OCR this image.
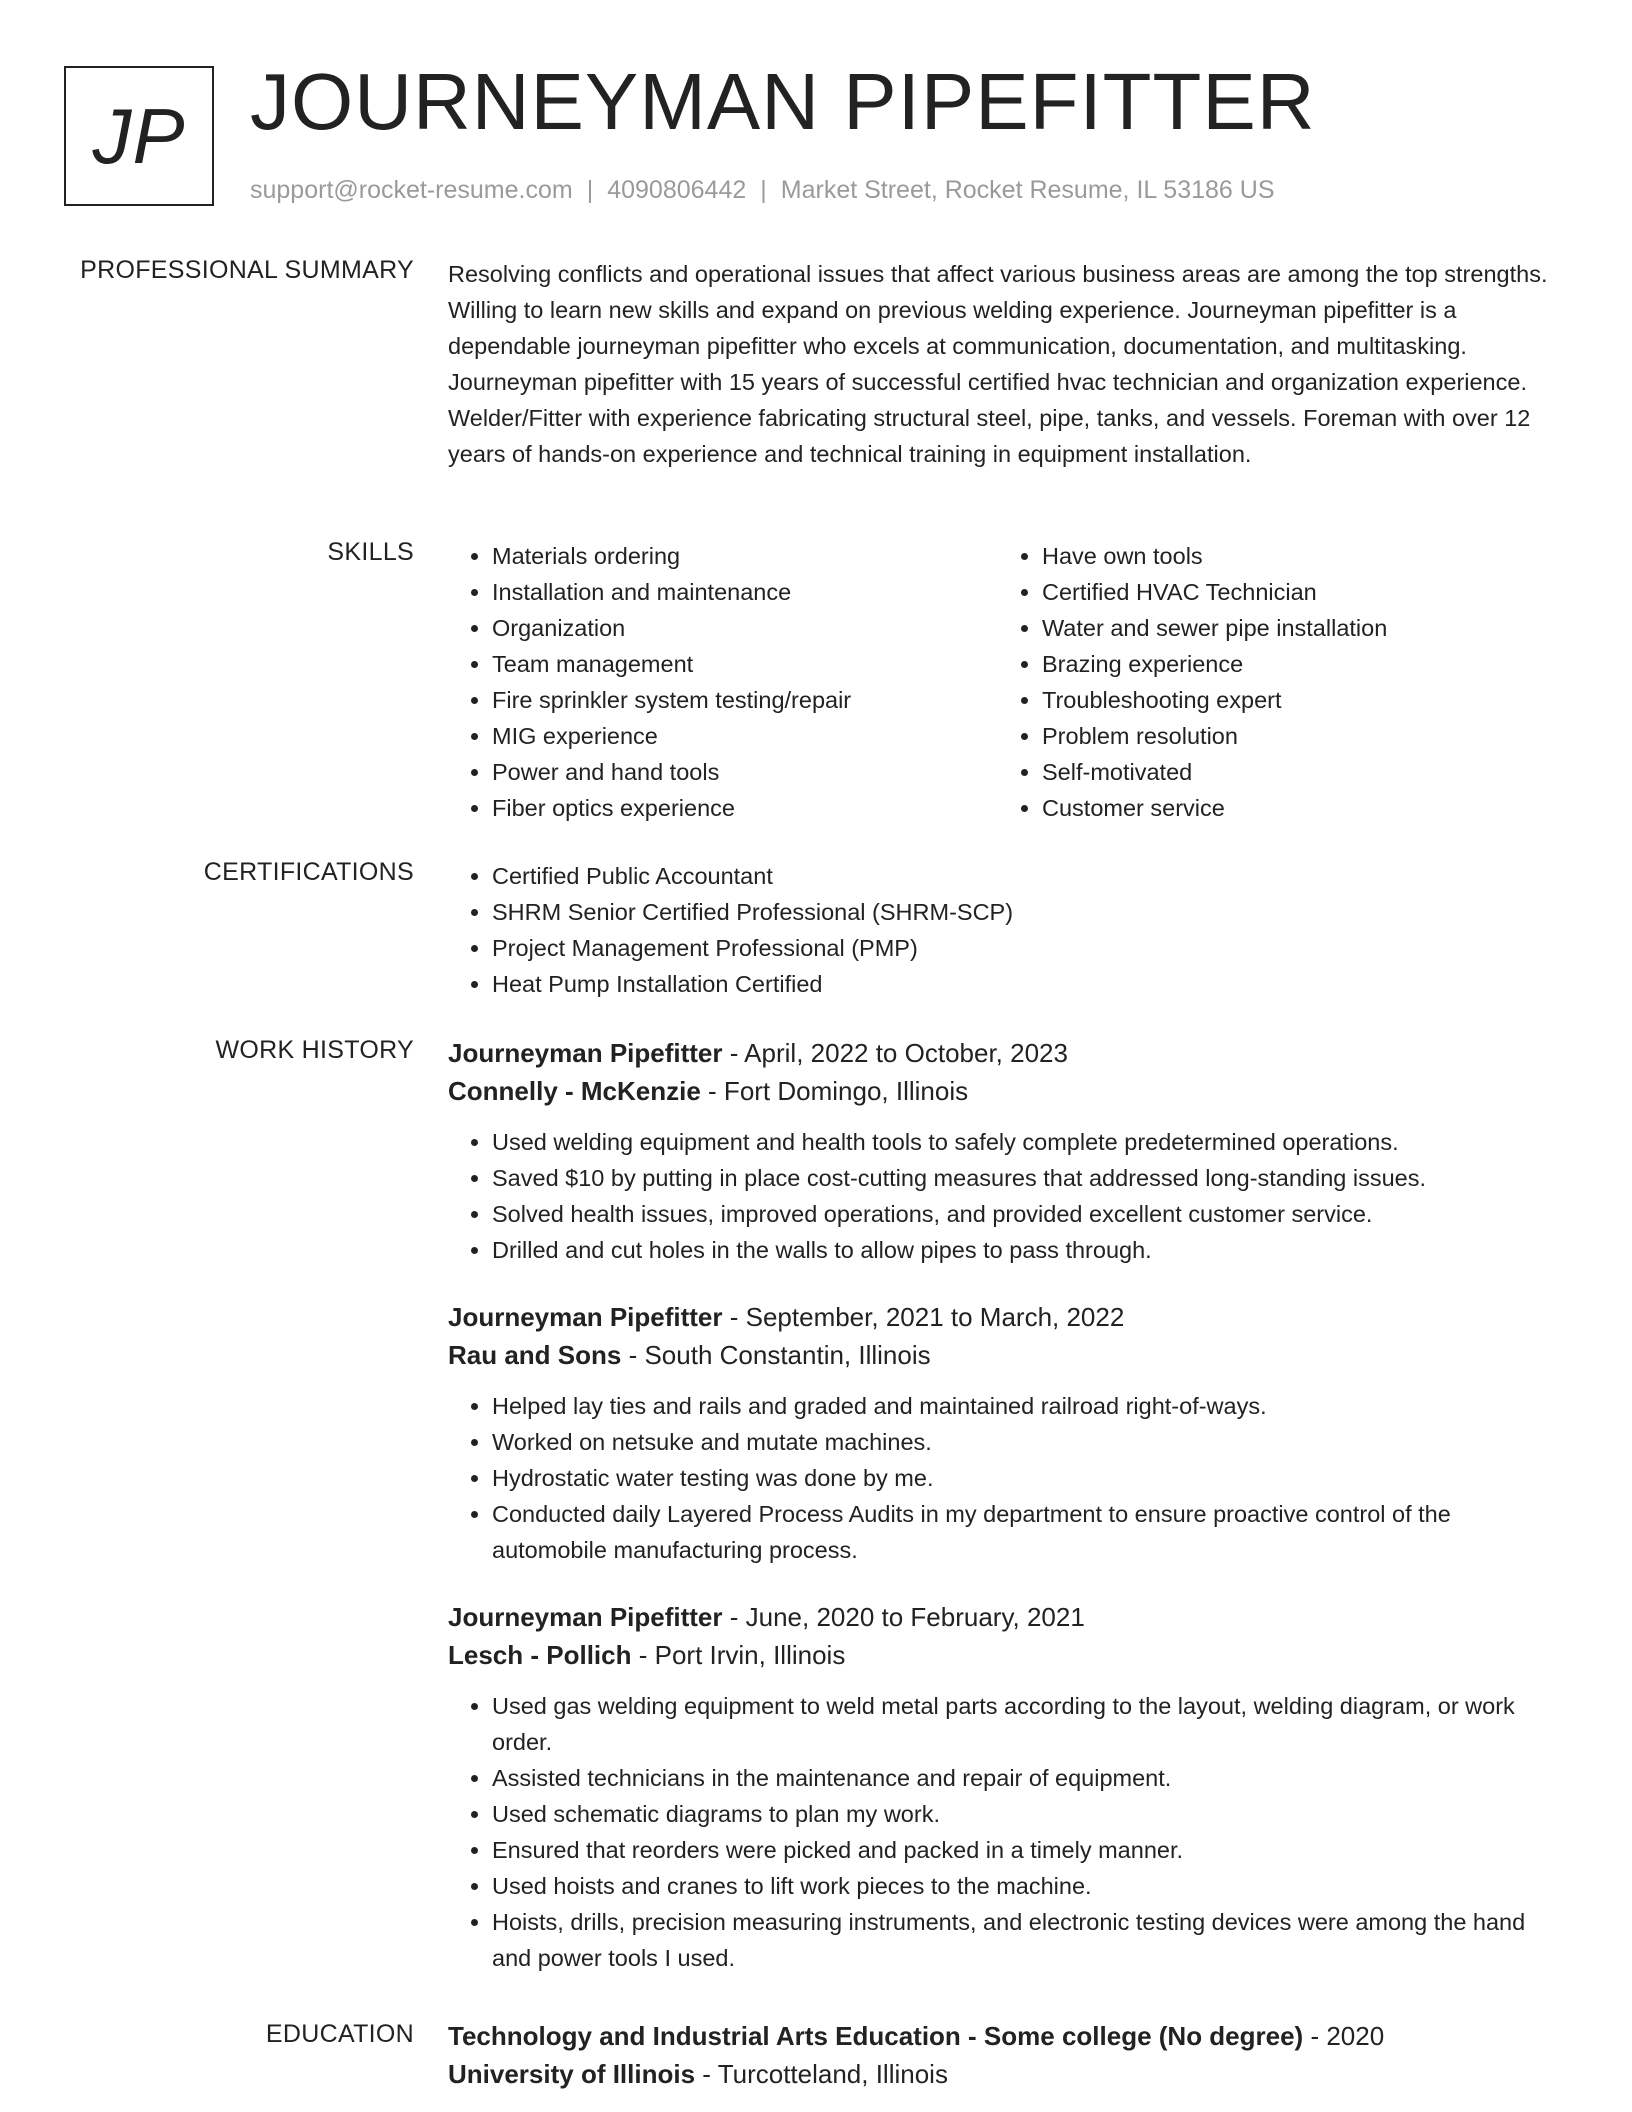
JP JOURNEYMAN PIPEFITTER
support@rocket-resume.com | 4090806442 | Market Street, Rocket Resume, IL 53186 US
PROFESSIONAL SUMMARY Resolving conflicts and operational issues that affect various business areas are among the top strengths. Willing to learn new skills and expand on previous welding experience. Journeyman pipefitter is a dependable journeyman pipefitter who excels at communication, documentation, and multitasking. Journeyman pipefitter with 15 years of successful certified hvac technician and organization experience. Welder/Fitter with experience fabricating structural steel, pipe, tanks, and vessels. Foreman with over 12 years of hands-on experience and technical training in equipment installation.

SKILLS	• Materials ordering
• Installation and maintenance
• Organization
• Team management
• Fire sprinkler system testing/repair
• MIG experience
• Power and hand tools
• Fiber optics experience
• Have own tools
• Certified HVAC Technician
• Water and sewer pipe installation
• Brazing experience
• Troubleshooting expert
• Problem resolution
• Self-motivated
• Customer service
CERTIFICATIONS	• Certified Public Accountant
• SHRM Senior Certified Professional (SHRM-SCP)
• Project Management Professional (PMP)
• Heat Pump Installation Certified
WORK HISTORY Journeyman Pipefitter - April, 2022 to October, 2023
Connelly - McKenzie - Fort Domingo, Illinois
• Used welding equipment and health tools to safely complete predetermined operations.
• Saved $10 by putting in place cost-cutting measures that addressed long-standing issues.
• Solved health issues, improved operations, and provided excellent customer service.
• Drilled and cut holes in the walls to allow pipes to pass through.
Journeyman Pipefitter - September, 2021 to March, 2022
Rau and Sons - South Constantin, Illinois
• Helped lay ties and rails and graded and maintained railroad right-of-ways.
• Worked on netsuke and mutate machines.
• Hydrostatic water testing was done by me.
• Conducted daily Layered Process Audits in my department to ensure proactive control of the automobile manufacturing process.
Journeyman Pipefitter - June, 2020 to February, 2021
Lesch - Pollich - Port Irvin, Illinois
• Used gas welding equipment to weld metal parts according to the layout, welding diagram, or work order.
• Assisted technicians in the maintenance and repair of equipment.
• Used schematic diagrams to plan my work.
• Ensured that reorders were picked and packed in a timely manner.
• Used hoists and cranes to lift work pieces to the machine.
• Hoists, drills, precision measuring instruments, and electronic testing devices were among the hand and power tools I used.
EDUCATION Technology and Industrial Arts Education - Some college (No degree) - 2020
University of Illinois - Turcotteland, Illinois
